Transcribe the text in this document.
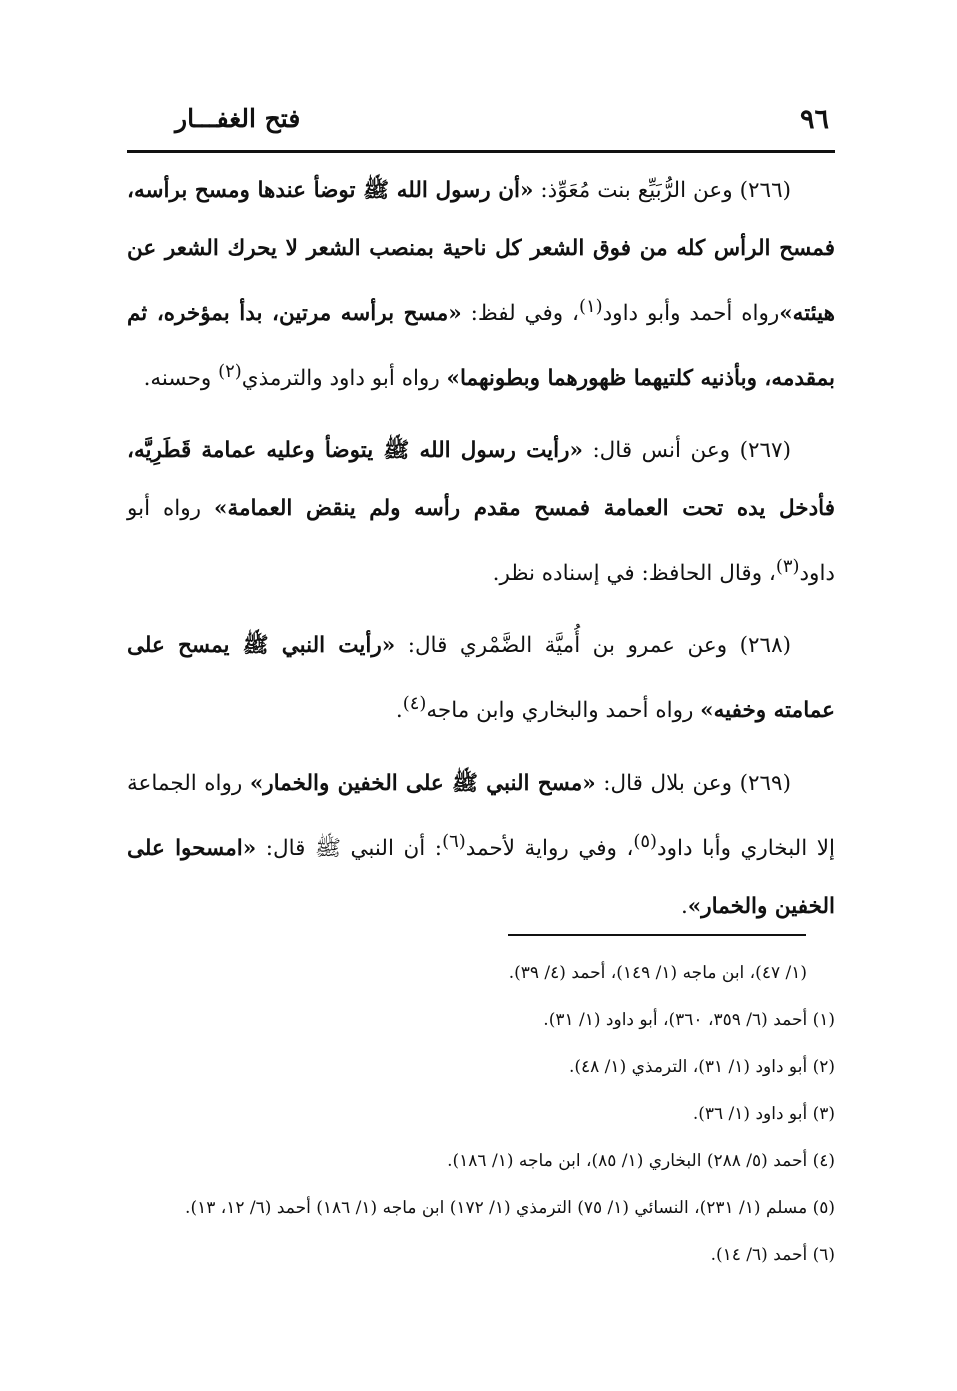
٩٦
فتح الغفـــار

(٢٦٦) وعن الرُّبَيِّع بنت مُعَوِّذ: «أن رسول الله ﷺ توضأ عندها ومسح برأسه، فمسح الرأس كله من فوق الشعر كل ناحية بمنصب الشعر لا يحرك الشعر عن هيئته»رواه أحمد وأبو داود$^{(١)}$، وفي لفظ: «مسح برأسه مرتين، بدأ بمؤخره، ثم بمقدمه، وبأذنيه كلتيهما ظهورهما وبطونهما» رواه أبو داود والترمذي$^{(٢)}$ وحسنه.

(٢٦٧) وعن أنس قال: «رأيت رسول الله ﷺ يتوضأ وعليه عمامة قَطَرِيَّه، فأدخل يده تحت العمامة فمسح مقدم رأسه ولم ينقض العمامة» رواه أبو داود$^{(٣)}$، وقال الحافظ: في إسناده نظر.

(٢٦٨) وعن عمرو بن أُميَّة الضَّمْري قال: «رأيت النبي ﷺ يمسح على عمامته وخفيه» رواه أحمد والبخاري وابن ماجه$^{(٤)}$.

(٢٦٩) وعن بلال قال: «مسح النبي ﷺ على الخفين والخمار» رواه الجماعة إلا البخاري وأبا داود$^{(٥)}$، وفي رواية لأحمد$^{(٦)}$: أن النبي ﷺ قال: «امسحوا على الخفين والخمار».

(١/ ٤٧)، ابن ماجه (١/ ١٤٩)، أحمد (٤/ ٣٩).
(١) أحمد (٦/ ٣٥٩، ٣٦٠)، أبو داود (١/ ٣١).
(٢) أبو داود (١/ ٣١)، الترمذي (١/ ٤٨).
(٣) أبو داود (١/ ٣٦).
(٤) أحمد (٥/ ٢٨٨) البخاري (١/ ٨٥)، ابن ماجه (١/ ١٨٦).
(٥) مسلم (١/ ٢٣١)، النسائي (١/ ٧٥) الترمذي (١/ ١٧٢) ابن ماجه (١/ ١٨٦) أحمد (٦/ ١٢، ١٣).
(٦) أحمد (٦/ ١٤).
